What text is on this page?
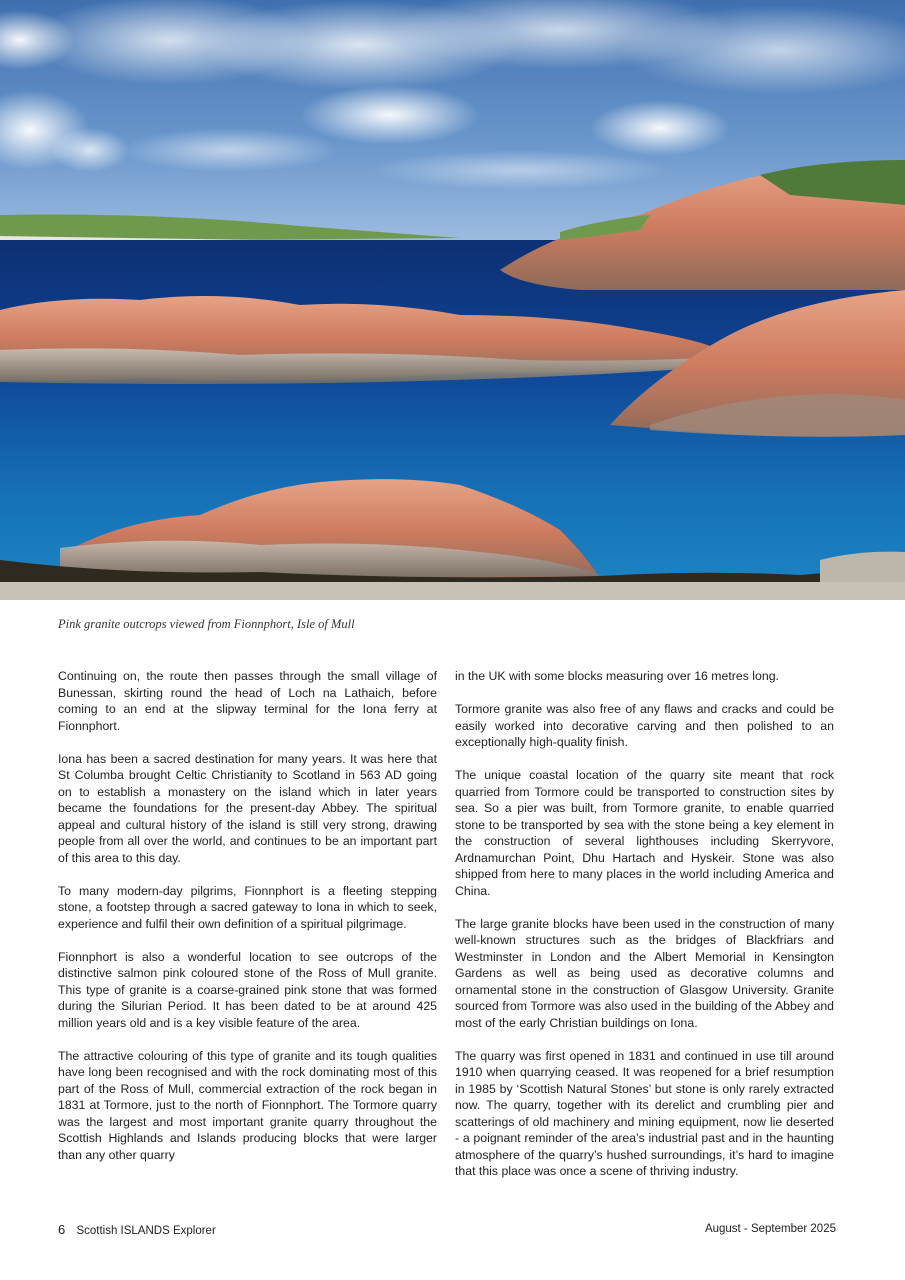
Pink granite outcrops viewed from Fionnphort, Isle of Mull

Continuing on, the route then passes through the small village of Bunessan, skirting round the head of Loch na Lathaich, before coming to an end at the slipway terminal for the Iona ferry at Fionnphort.

Iona has been a sacred destination for many years. It was here that St Columba brought Celtic Christianity to Scotland in 563 AD going on to establish a monastery on the island which in later years became the foundations for the present-day Abbey. The spiritual appeal and cultural history of the island is still very strong, drawing people from all over the world, and continues to be an important part of this area to this day.

To many modern-day pilgrims, Fionnphort is a fleeting stepping stone, a footstep through a sacred gateway to Iona in which to seek, experience and fulfil their own definition of a spiritual pilgrimage.

Fionnphort is also a wonderful location to see outcrops of the distinctive salmon pink coloured stone of the Ross of Mull granite. This type of granite is a coarse-grained pink stone that was formed during the Silurian Period. It has been dated to be at around 425 million years old and is a key visible feature of the area.

The attractive colouring of this type of granite and its tough qualities have long been recognised and with the rock dominating most of this part of the Ross of Mull, commercial extraction of the rock began in 1831 at Tormore, just to the north of Fionnphort. The Tormore quarry was the largest and most important granite quarry throughout the Scottish Highlands and Islands producing blocks that were larger than any other quarry

in the UK with some blocks measuring over 16 metres long.

Tormore granite was also free of any flaws and cracks and could be easily worked into decorative carving and then polished to an exceptionally high-quality finish.

The unique coastal location of the quarry site meant that rock quarried from Tormore could be transported to construction sites by sea. So a pier was built, from Tormore granite, to enable quarried stone to be transported by sea with the stone being a key element in the construction of several lighthouses including Skerryvore, Ardnamurchan Point, Dhu Hartach and Hyskeir. Stone was also shipped from here to many places in the world including America and China.

The large granite blocks have been used in the construction of many well-known structures such as the bridges of Blackfriars and Westminster in London and the Albert Memorial in Kensington Gardens as well as being used as decorative columns and ornamental stone in the construction of Glasgow University. Granite sourced from Tormore was also used in the building of the Abbey and most of the early Christian buildings on Iona.

The quarry was first opened in 1831 and continued in use till around 1910 when quarrying ceased. It was reopened for a brief resumption in 1985 by ‘Scottish Natural Stones’ but stone is only rarely extracted now. The quarry, together with its derelict and crumbling pier and scatterings of old machinery and mining equipment, now lie deserted - a poignant reminder of the area’s industrial past and in the haunting atmosphere of the quarry’s hushed surroundings, it’s hard to imagine that this place was once a scene of thriving industry.

6 Scottish ISLANDS Explorer	August - September 2025
